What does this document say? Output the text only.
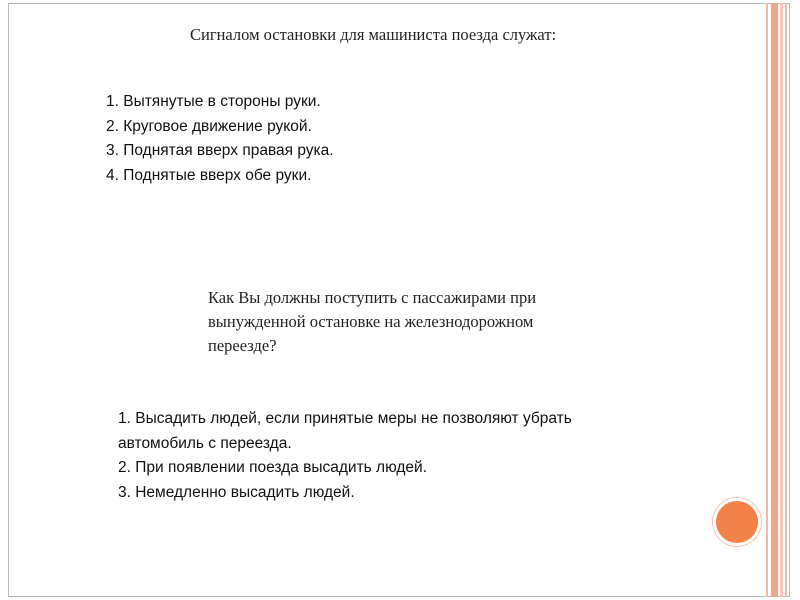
Сигналом остановки для машиниста поезда служат:

1. Вытянутые в стороны руки.
2. Круговое движение рукой.
3. Поднятая вверх правая рука.
4. Поднятые вверх обе руки.

Как Вы должны поступить с пассажирами при вынужденной остановке на железнодорожном переезде?

1. Высадить людей, если принятые меры не позволяют убрать автомобиль с переезда.
2. При появлении поезда высадить людей.
3. Немедленно высадить людей.
